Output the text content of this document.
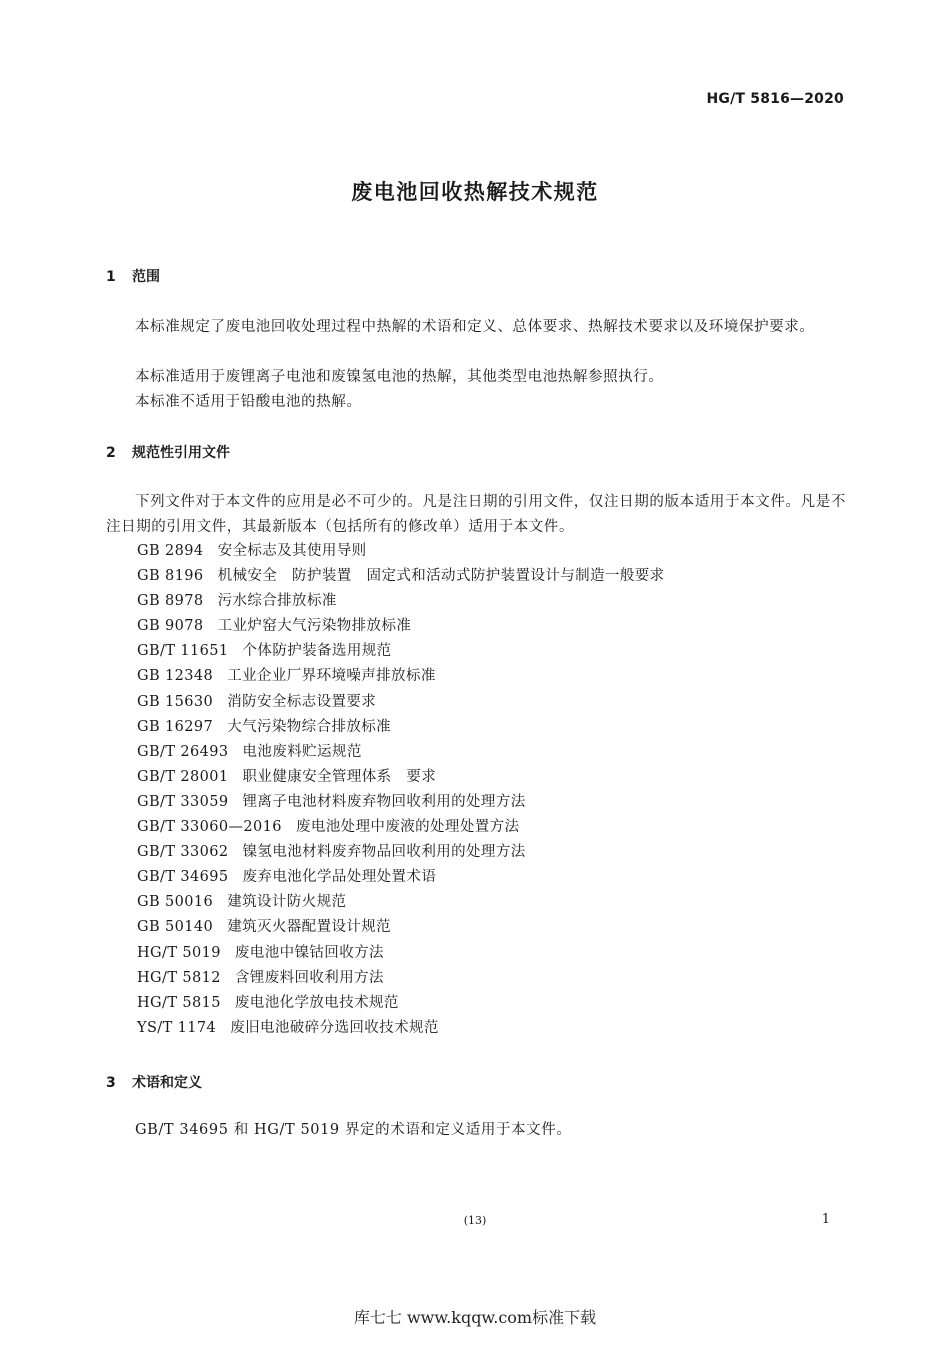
HG/T 5816—2020
废电池回收热解技术规范
1 范围
本标准规定了废电池回收处理过程中热解的术语和定义、总体要求、热解技术要求以及环境保护要求。
本标准适用于废锂离子电池和废镍氢电池的热解，其他类型电池热解参照执行。
本标准不适用于铅酸电池的热解。
2 规范性引用文件
下列文件对于本文件的应用是必不可少的。凡是注日期的引用文件，仅注日期的版本适用于本文件。凡是不注日期的引用文件，其最新版本（包括所有的修改单）适用于本文件。
GB 2894 安全标志及其使用导则
GB 8196 机械安全　防护装置　固定式和活动式防护装置设计与制造一般要求
GB 8978 污水综合排放标准
GB 9078 工业炉窑大气污染物排放标准
GB/T 11651 个体防护装备选用规范
GB 12348 工业企业厂界环境噪声排放标准
GB 15630 消防安全标志设置要求
GB 16297 大气污染物综合排放标准
GB/T 26493 电池废料贮运规范
GB/T 28001 职业健康安全管理体系　要求
GB/T 33059 锂离子电池材料废弃物回收利用的处理方法
GB/T 33060—2016 废电池处理中废液的处理处置方法
GB/T 33062 镍氢电池材料废弃物品回收利用的处理方法
GB/T 34695 废弃电池化学品处理处置术语
GB 50016 建筑设计防火规范
GB 50140 建筑灭火器配置设计规范
HG/T 5019 废电池中镍钴回收方法
HG/T 5812 含锂废料回收利用方法
HG/T 5815 废电池化学放电技术规范
YS/T 1174 废旧电池破碎分选回收技术规范
3 术语和定义
GB/T 34695 和 HG/T 5019 界定的术语和定义适用于本文件。
(13)	1
库七七 www.kqqw.com标准下载
